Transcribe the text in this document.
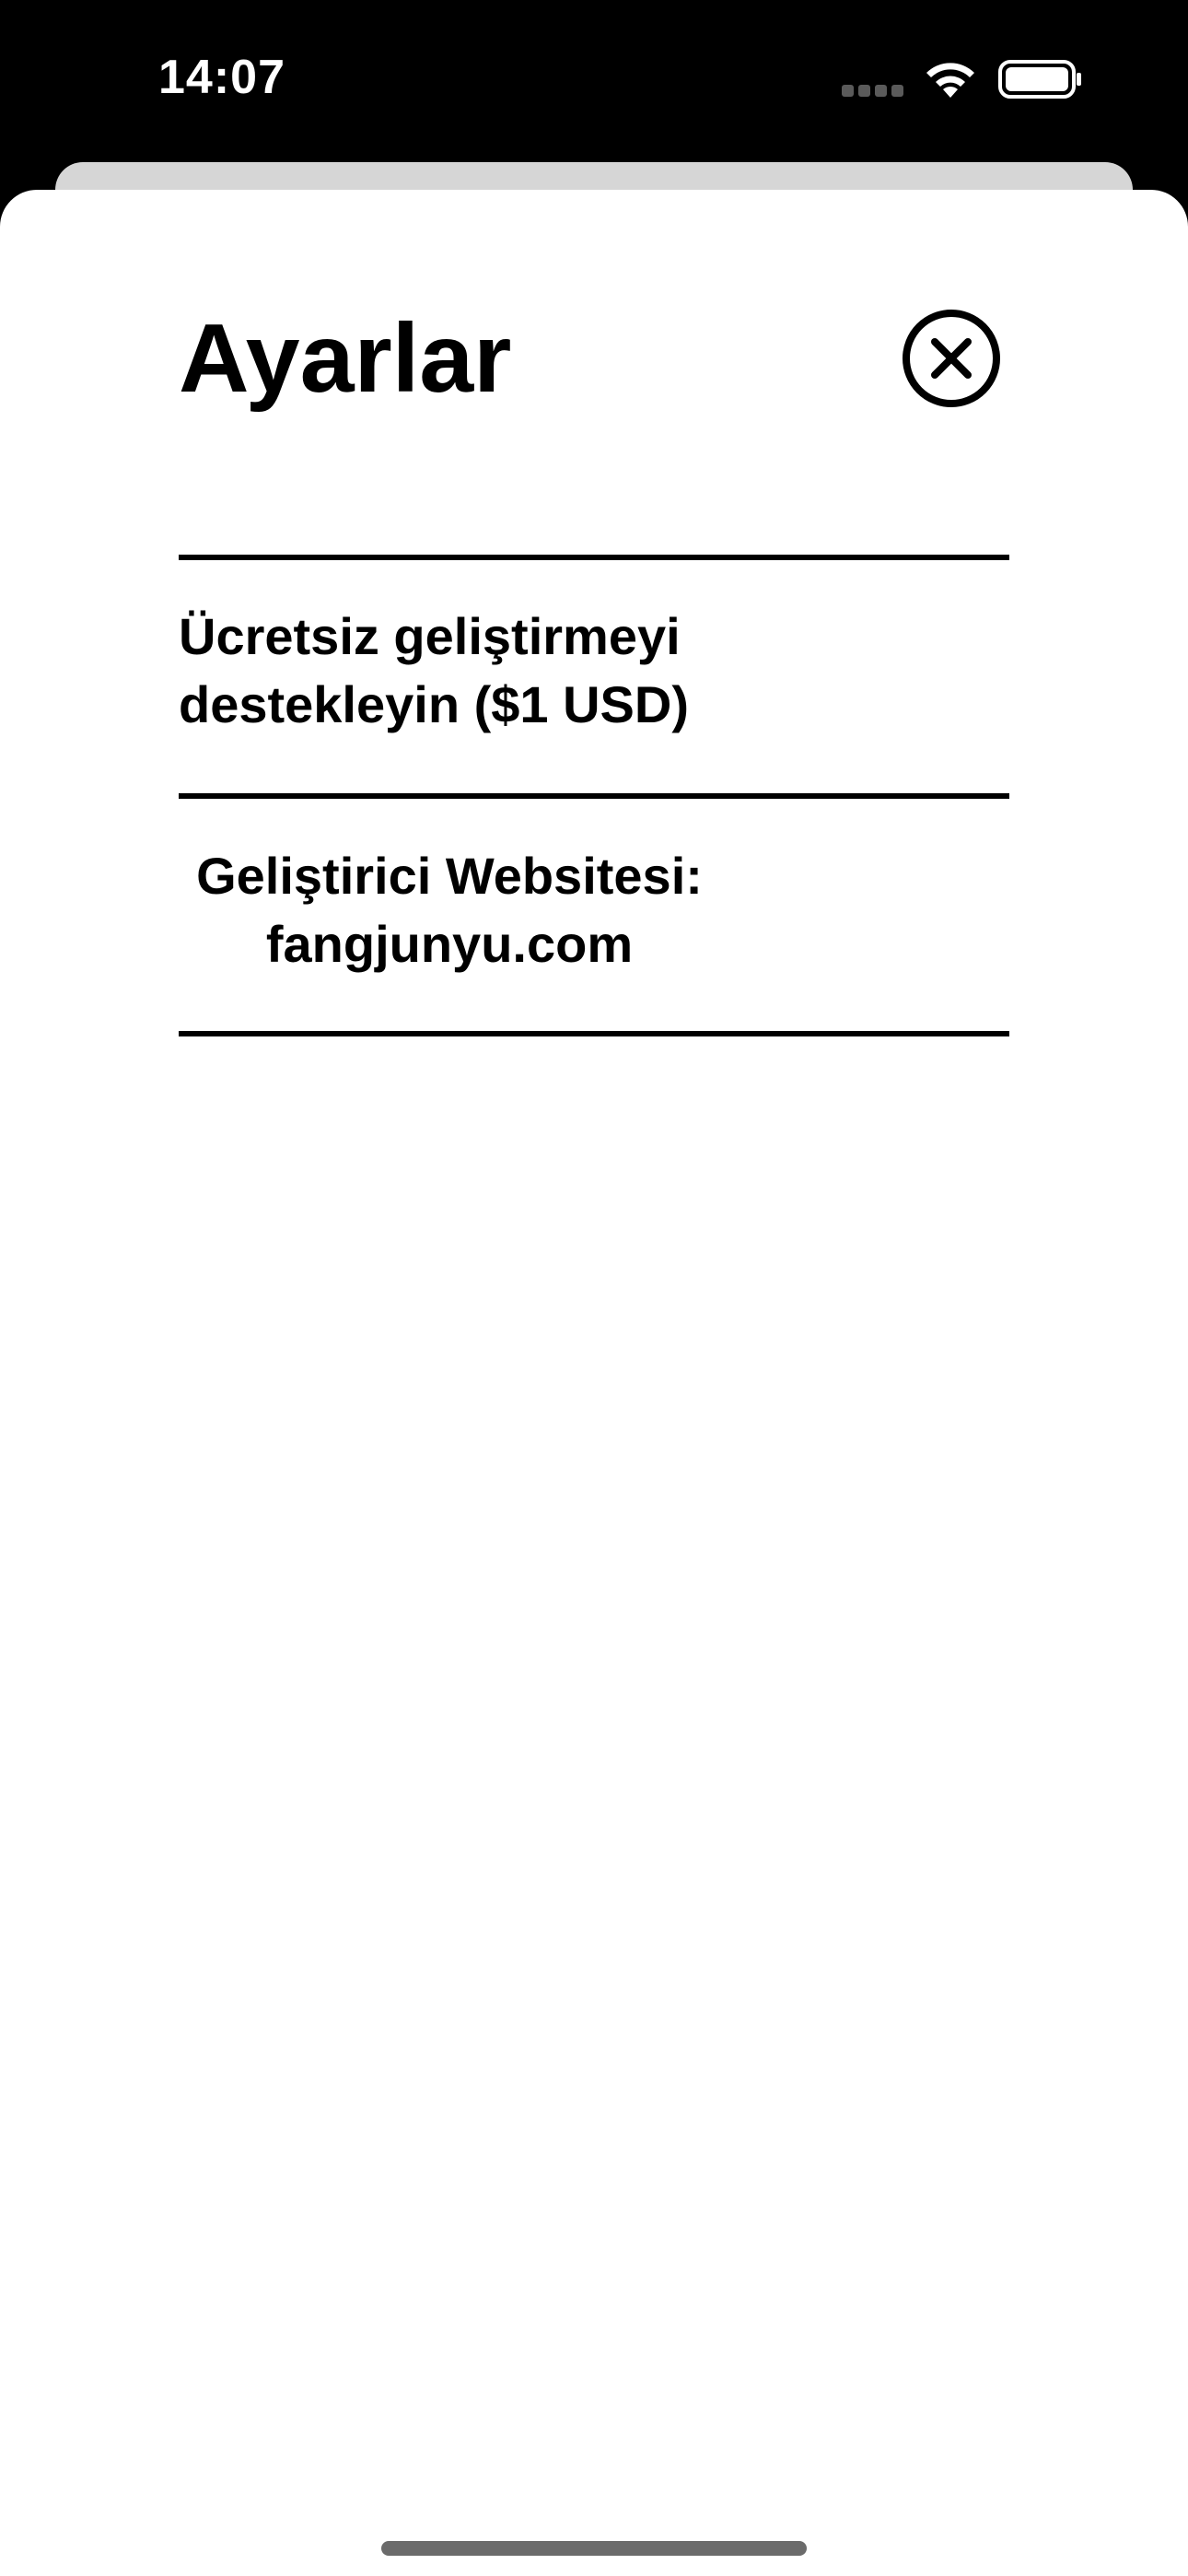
14:07
Ayarlar
Ücretsiz geliştirmeyi
destekleyin ($1 USD)
Geliştirici Websitesi:
fangjunyu.com
